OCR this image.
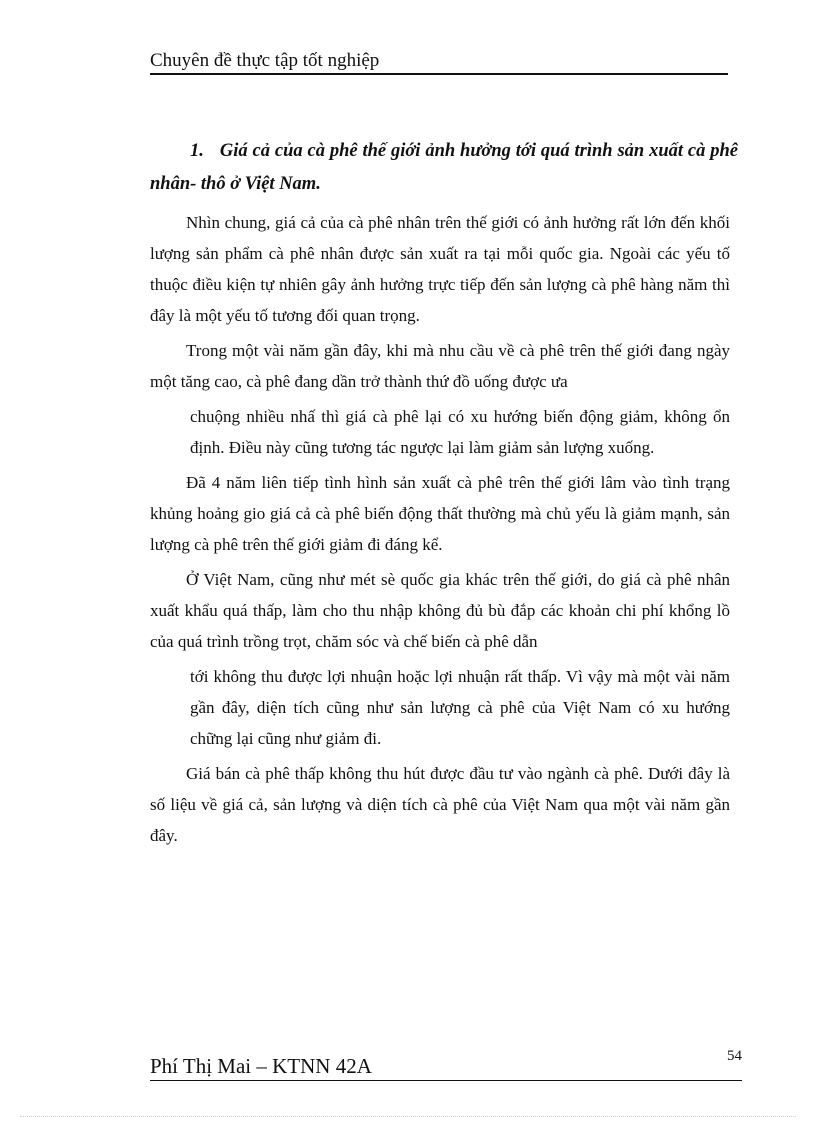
Chuyên đề thực tập tốt nghiệp
1. Giá cả của cà phê thế giới ảnh hưởng tới quá trình sản xuất cà phê nhân- thô ở Việt Nam.

Nhìn chung, giá cả của cà phê nhân trên thế giới có ảnh hưởng rất lớn đến khối lượng sản phẩm cà phê nhân được sản xuất ra tại mỗi quốc gia. Ngoài các yếu tố thuộc điều kiện tự nhiên gây ảnh hưởng trực tiếp đến sản lượng cà phê hàng năm thì đây là một yếu tố tương đối quan trọng.

Trong một vài năm gần đây, khi mà nhu cầu về cà phê trên thế giới đang ngày một tăng cao, cà phê đang dần trở thành thứ đồ uống được ưa

chuộng nhiều nhấ thì giá cà phê lại có xu hướng biến động giảm, không ổn định. Điều này cũng tương tác ngược lại làm giảm sản lượng xuống.

Đã 4 năm liên tiếp tình hình sản xuất cà phê trên thế giới lâm vào tình trạng khủng hoảng gio giá cả cà phê biến động thất thường mà chủ yếu là giảm mạnh, sản lượng cà phê trên thế giới giảm đi đáng kể.

Ở Việt Nam, cũng như mét sè quốc gia khác trên thế giới, do giá cà phê nhân xuất khẩu quá thấp, làm cho thu nhập không đủ bù đắp các khoản chi phí khổng lồ của quá trình trồng trọt, chăm sóc và chế biến cà phê dẫn

tới không thu được lợi nhuận hoặc lợi nhuận rất thấp. Vì vậy mà một vài năm gần đây, diện tích cũng như sản lượng cà phê của Việt Nam có xu hướng chững lại cũng như giảm đi.

Giá bán cà phê thấp không thu hút được đầu tư vào ngành cà phê. Dưới đây là số liệu về giá cả, sản lượng và diện tích cà phê của Việt Nam qua một vài năm gần đây.

Phí Thị Mai – KTNN 42A	54
